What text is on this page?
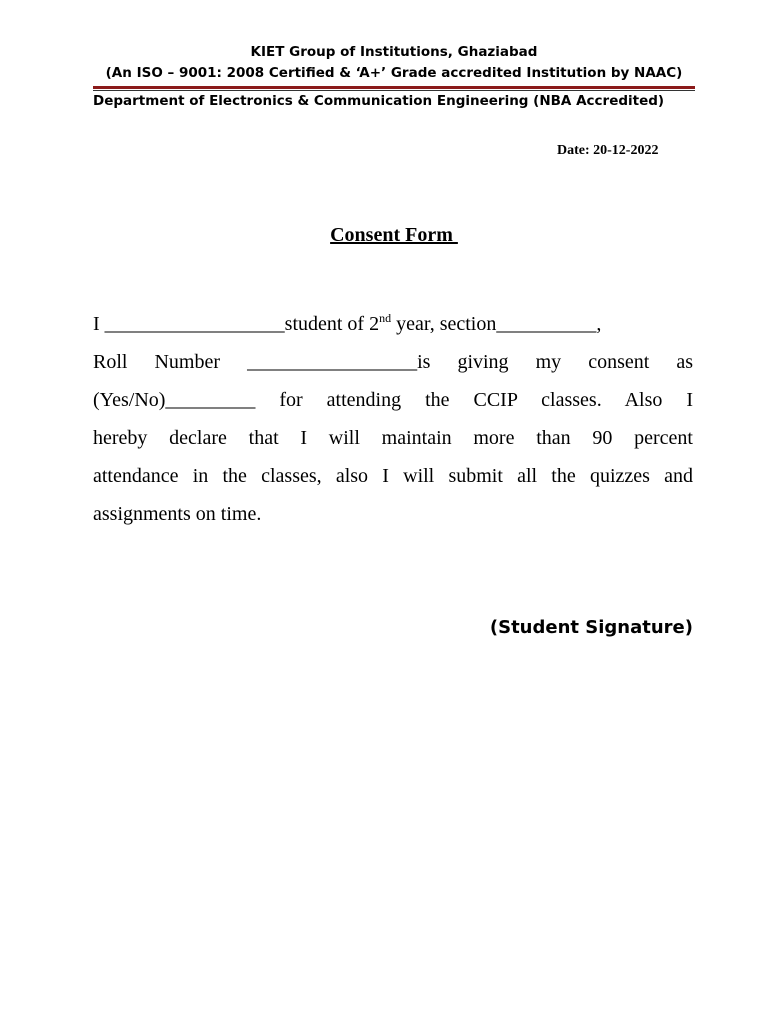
KIET Group of Institutions, Ghaziabad
(An ISO – 9001: 2008 Certified & ‘A+’ Grade accredited Institution by NAAC)
Department of Electronics & Communication Engineering (NBA Accredited)
Date: 20-12-2022
Consent Form
I __________________student of 2nd year, section__________,
Roll Number _________________is giving my consent as
(Yes/No)_________ for attending the CCIP classes. Also I
hereby declare that I will maintain more than 90 percent
attendance in the classes, also I will submit all the quizzes and
assignments on time.
(Student Signature)
